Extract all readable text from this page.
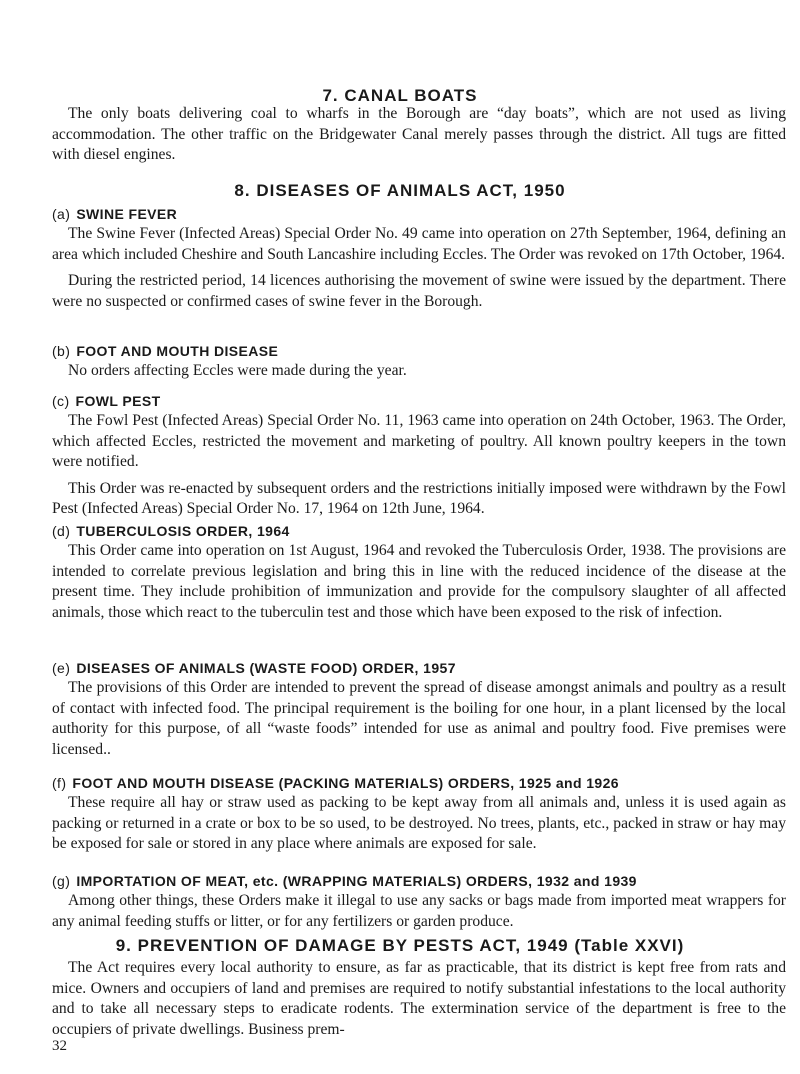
7. CANAL BOATS

The only boats delivering coal to wharfs in the Borough are “day boats”, which are not used as living accommodation. The other traffic on the Bridgewater Canal merely passes through the district. All tugs are fitted with diesel engines.

8. DISEASES OF ANIMALS ACT, 1950
(a) SWINE FEVER

The Swine Fever (Infected Areas) Special Order No. 49 came into operation on 27th September, 1964, defining an area which included Cheshire and South Lancashire including Eccles. The Order was revoked on 17th October, 1964.

During the restricted period, 14 licences authorising the movement of swine were issued by the department. There were no suspected or confirmed cases of swine fever in the Borough.

(b) FOOT AND MOUTH DISEASE

No orders affecting Eccles were made during the year.

(c) FOWL PEST

The Fowl Pest (Infected Areas) Special Order No. 11, 1963 came into operation on 24th October, 1963. The Order, which affected Eccles, restricted the movement and marketing of poultry. All known poultry keepers in the town were notified.

This Order was re-enacted by subsequent orders and the restrictions initially imposed were withdrawn by the Fowl Pest (Infected Areas) Special Order No. 17, 1964 on 12th June, 1964.

(d) TUBERCULOSIS ORDER, 1964

This Order came into operation on 1st August, 1964 and revoked the Tuberculosis Order, 1938. The provisions are intended to correlate previous legislation and bring this in line with the reduced incidence of the disease at the present time. They include prohibition of immunization and provide for the compulsory slaughter of all affected animals, those which react to the tuberculin test and those which have been exposed to the risk of infection.

(e) DISEASES OF ANIMALS (WASTE FOOD) ORDER, 1957

The provisions of this Order are intended to prevent the spread of disease amongst animals and poultry as a result of contact with infected food. The principal requirement is the boiling for one hour, in a plant licensed by the local authority for this purpose, of all “waste foods” intended for use as animal and poultry food. Five premises were licensed..

(f) FOOT AND MOUTH DISEASE (PACKING MATERIALS) ORDERS, 1925 and 1926

These require all hay or straw used as packing to be kept away from all animals and, unless it is used again as packing or returned in a crate or box to be so used, to be destroyed. No trees, plants, etc., packed in straw or hay may be exposed for sale or stored in any place where animals are exposed for sale.

(g) IMPORTATION OF MEAT, etc. (WRAPPING MATERIALS) ORDERS, 1932 and 1939

Among other things, these Orders make it illegal to use any sacks or bags made from imported meat wrappers for any animal feeding stuffs or litter, or for any fertilizers or garden produce.

9. PREVENTION OF DAMAGE BY PESTS ACT, 1949 (Table XXVI)

The Act requires every local authority to ensure, as far as practicable, that its district is kept free from rats and mice. Owners and occupiers of land and premises are required to notify substantial infestations to the local authority and to take all necessary steps to eradicate rodents. The extermination service of the department is free to the occupiers of private dwellings. Business prem-

32
